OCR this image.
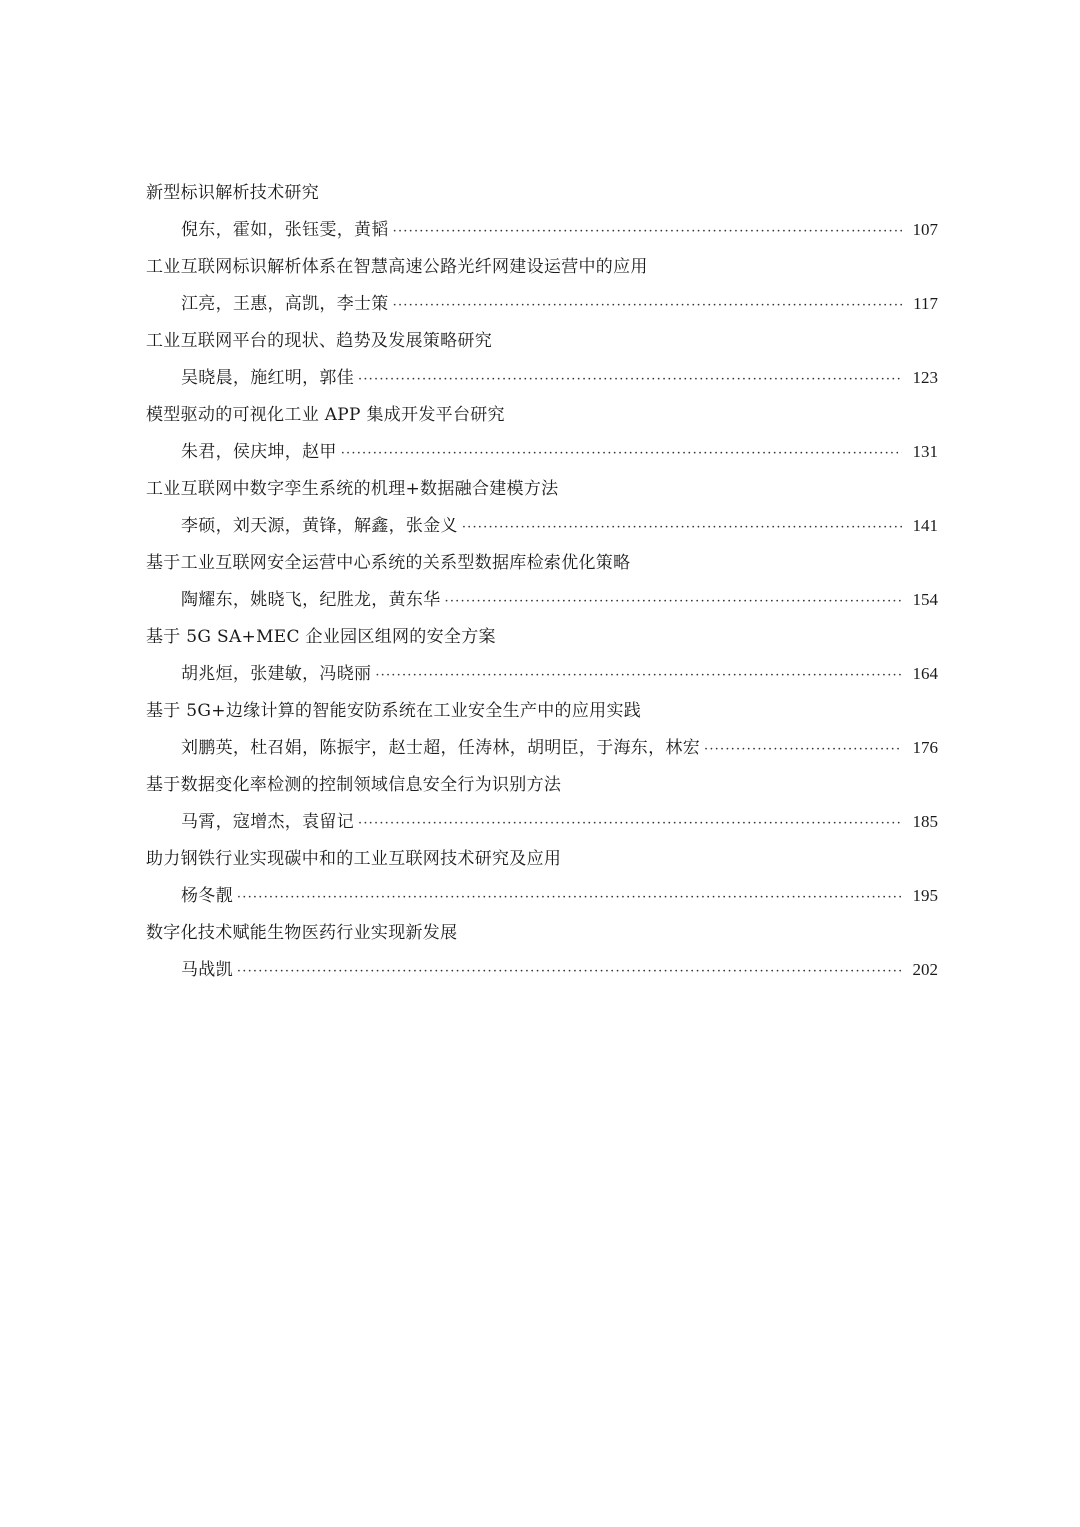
新型标识解析技术研究
倪东，霍如，张钰雯，黄韬 ·····	107
工业互联网标识解析体系在智慧高速公路光纤网建设运营中的应用
江亮，王惠，高凯，李士策 ·····	117
工业互联网平台的现状、趋势及发展策略研究
吴晓晨，施红明，郭佳 ·····	123
模型驱动的可视化工业 APP 集成开发平台研究
朱君，侯庆坤，赵甲 ·····	131
工业互联网中数字孪生系统的机理+数据融合建模方法
李硕，刘天源，黄锋，解鑫，张金义 ·····	141
基于工业互联网安全运营中心系统的关系型数据库检索优化策略
陶耀东，姚晓飞，纪胜龙，黄东华 ·····	154
基于 5G SA+MEC 企业园区组网的安全方案
胡兆烜，张建敏，冯晓丽 ·····	164
基于 5G+边缘计算的智能安防系统在工业安全生产中的应用实践
刘鹏英，杜召娟，陈振宇，赵士超，任涛林，胡明臣，于海东，林宏 ·····	176
基于数据变化率检测的控制领域信息安全行为识别方法
马霄，寇增杰，袁留记 ·····	185
助力钢铁行业实现碳中和的工业互联网技术研究及应用
杨冬靓 ·····	195
数字化技术赋能生物医药行业实现新发展
马战凯 ·····	202
